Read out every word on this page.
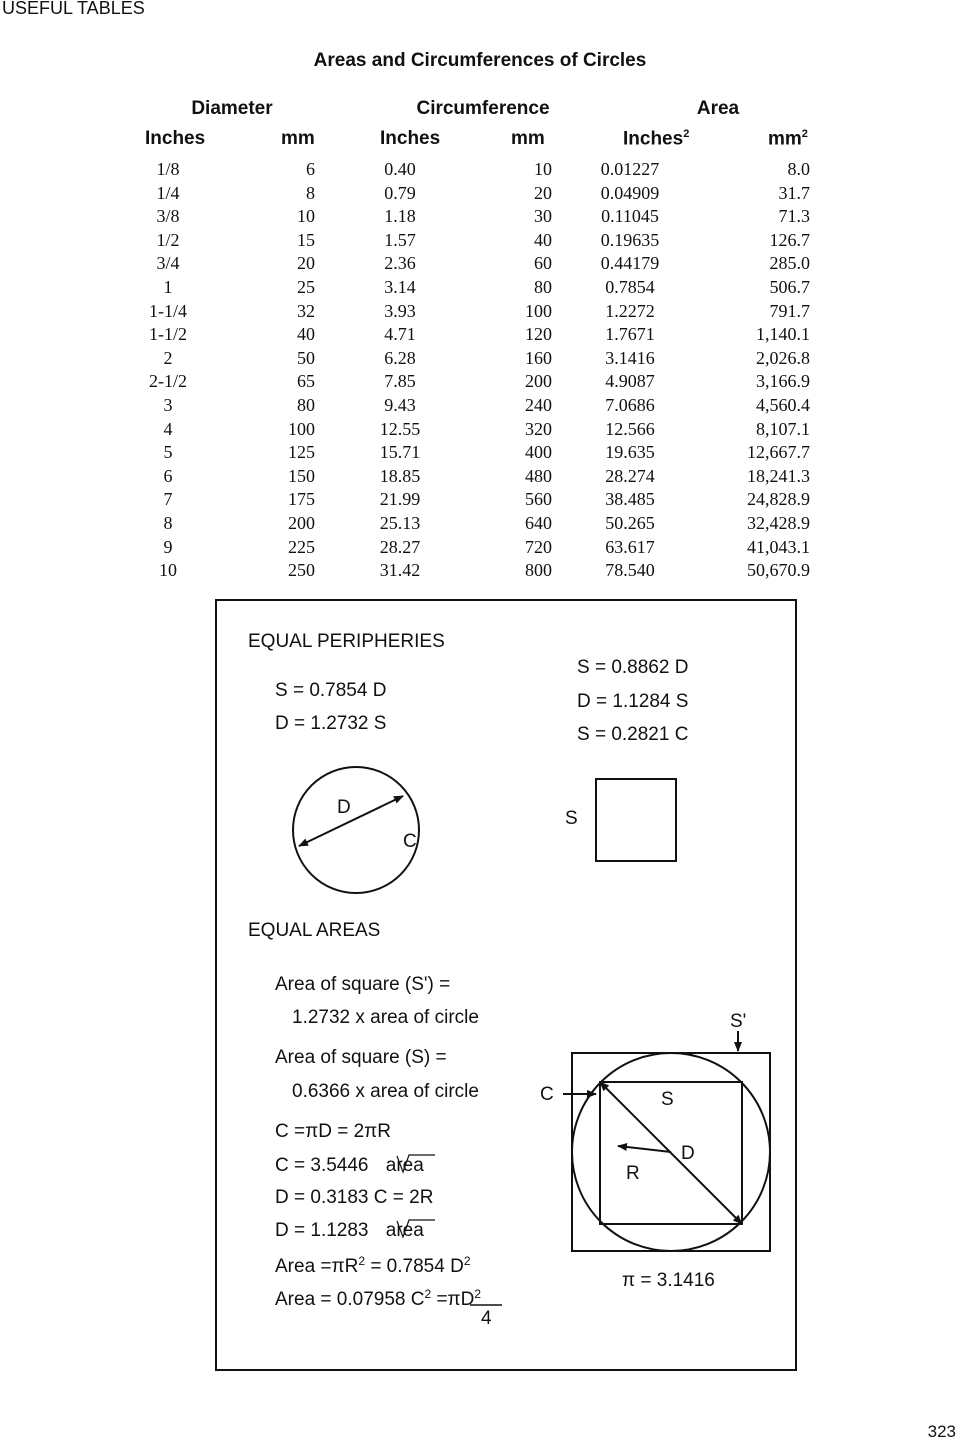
USEFUL TABLES
Areas and Circumferences of Circles
Diameter	Circumference	Area
Inches	mm	Inches	mm	Inches$^2$	$mm^2$
1/8	6	0.40	10	0.01227	8.0
1/4	8	0.79	20	0.04909	31.7
3/8	10	1.18	30	0.11045	71.3
1/2	15	1.57	40	0.19635	126.7
3/4	20	2.36	60	0.44179	285.0
1	25	3.14	80	0.7854	506.7
1-1/4	32	3.93	100	1.2272	791.7
1-1/2	40	4.71	120	1.7671	1,140.1
2	50	6.28	160	3.1416	2,026.8
2-1/2	65	7.85	200	4.9087	3,166.9
3	80	9.43	240	7.0686	4,560.4
4	100	12.55	320	12.566	8,107.1
5	125	15.71	400	19.635	12,667.7
6	150	18.85	480	28.274	18,241.3
7	175	21.99	560	38.485	24,828.9
8	200	25.13	640	50.265	32,428.9
9	225	28.27	720	63.617	41,043.1
10	250	31.42	800	78.540	50,670.9
EQUAL PERIPHERIES
S = 0.7854 D
D = 1.2732 S
S = 0.8862 D
D = 1.1284 S
S = 0.2821 C
D
C
S
EQUAL AREAS
Area of square (S') =
1.2732 x area of circle
Area of square (S) =
0.6366 x area of circle
C =πD = 2πR
C = 3.5446 area
D = 0.3183 C = 2R
D = 1.1283 area
Area $=\pi R^2 = 0.7854$ $D^2$
Area = 0.07958 $C^2 =\pi D^2$
4
S'
C	S
D
R
π = 3.1416
323
